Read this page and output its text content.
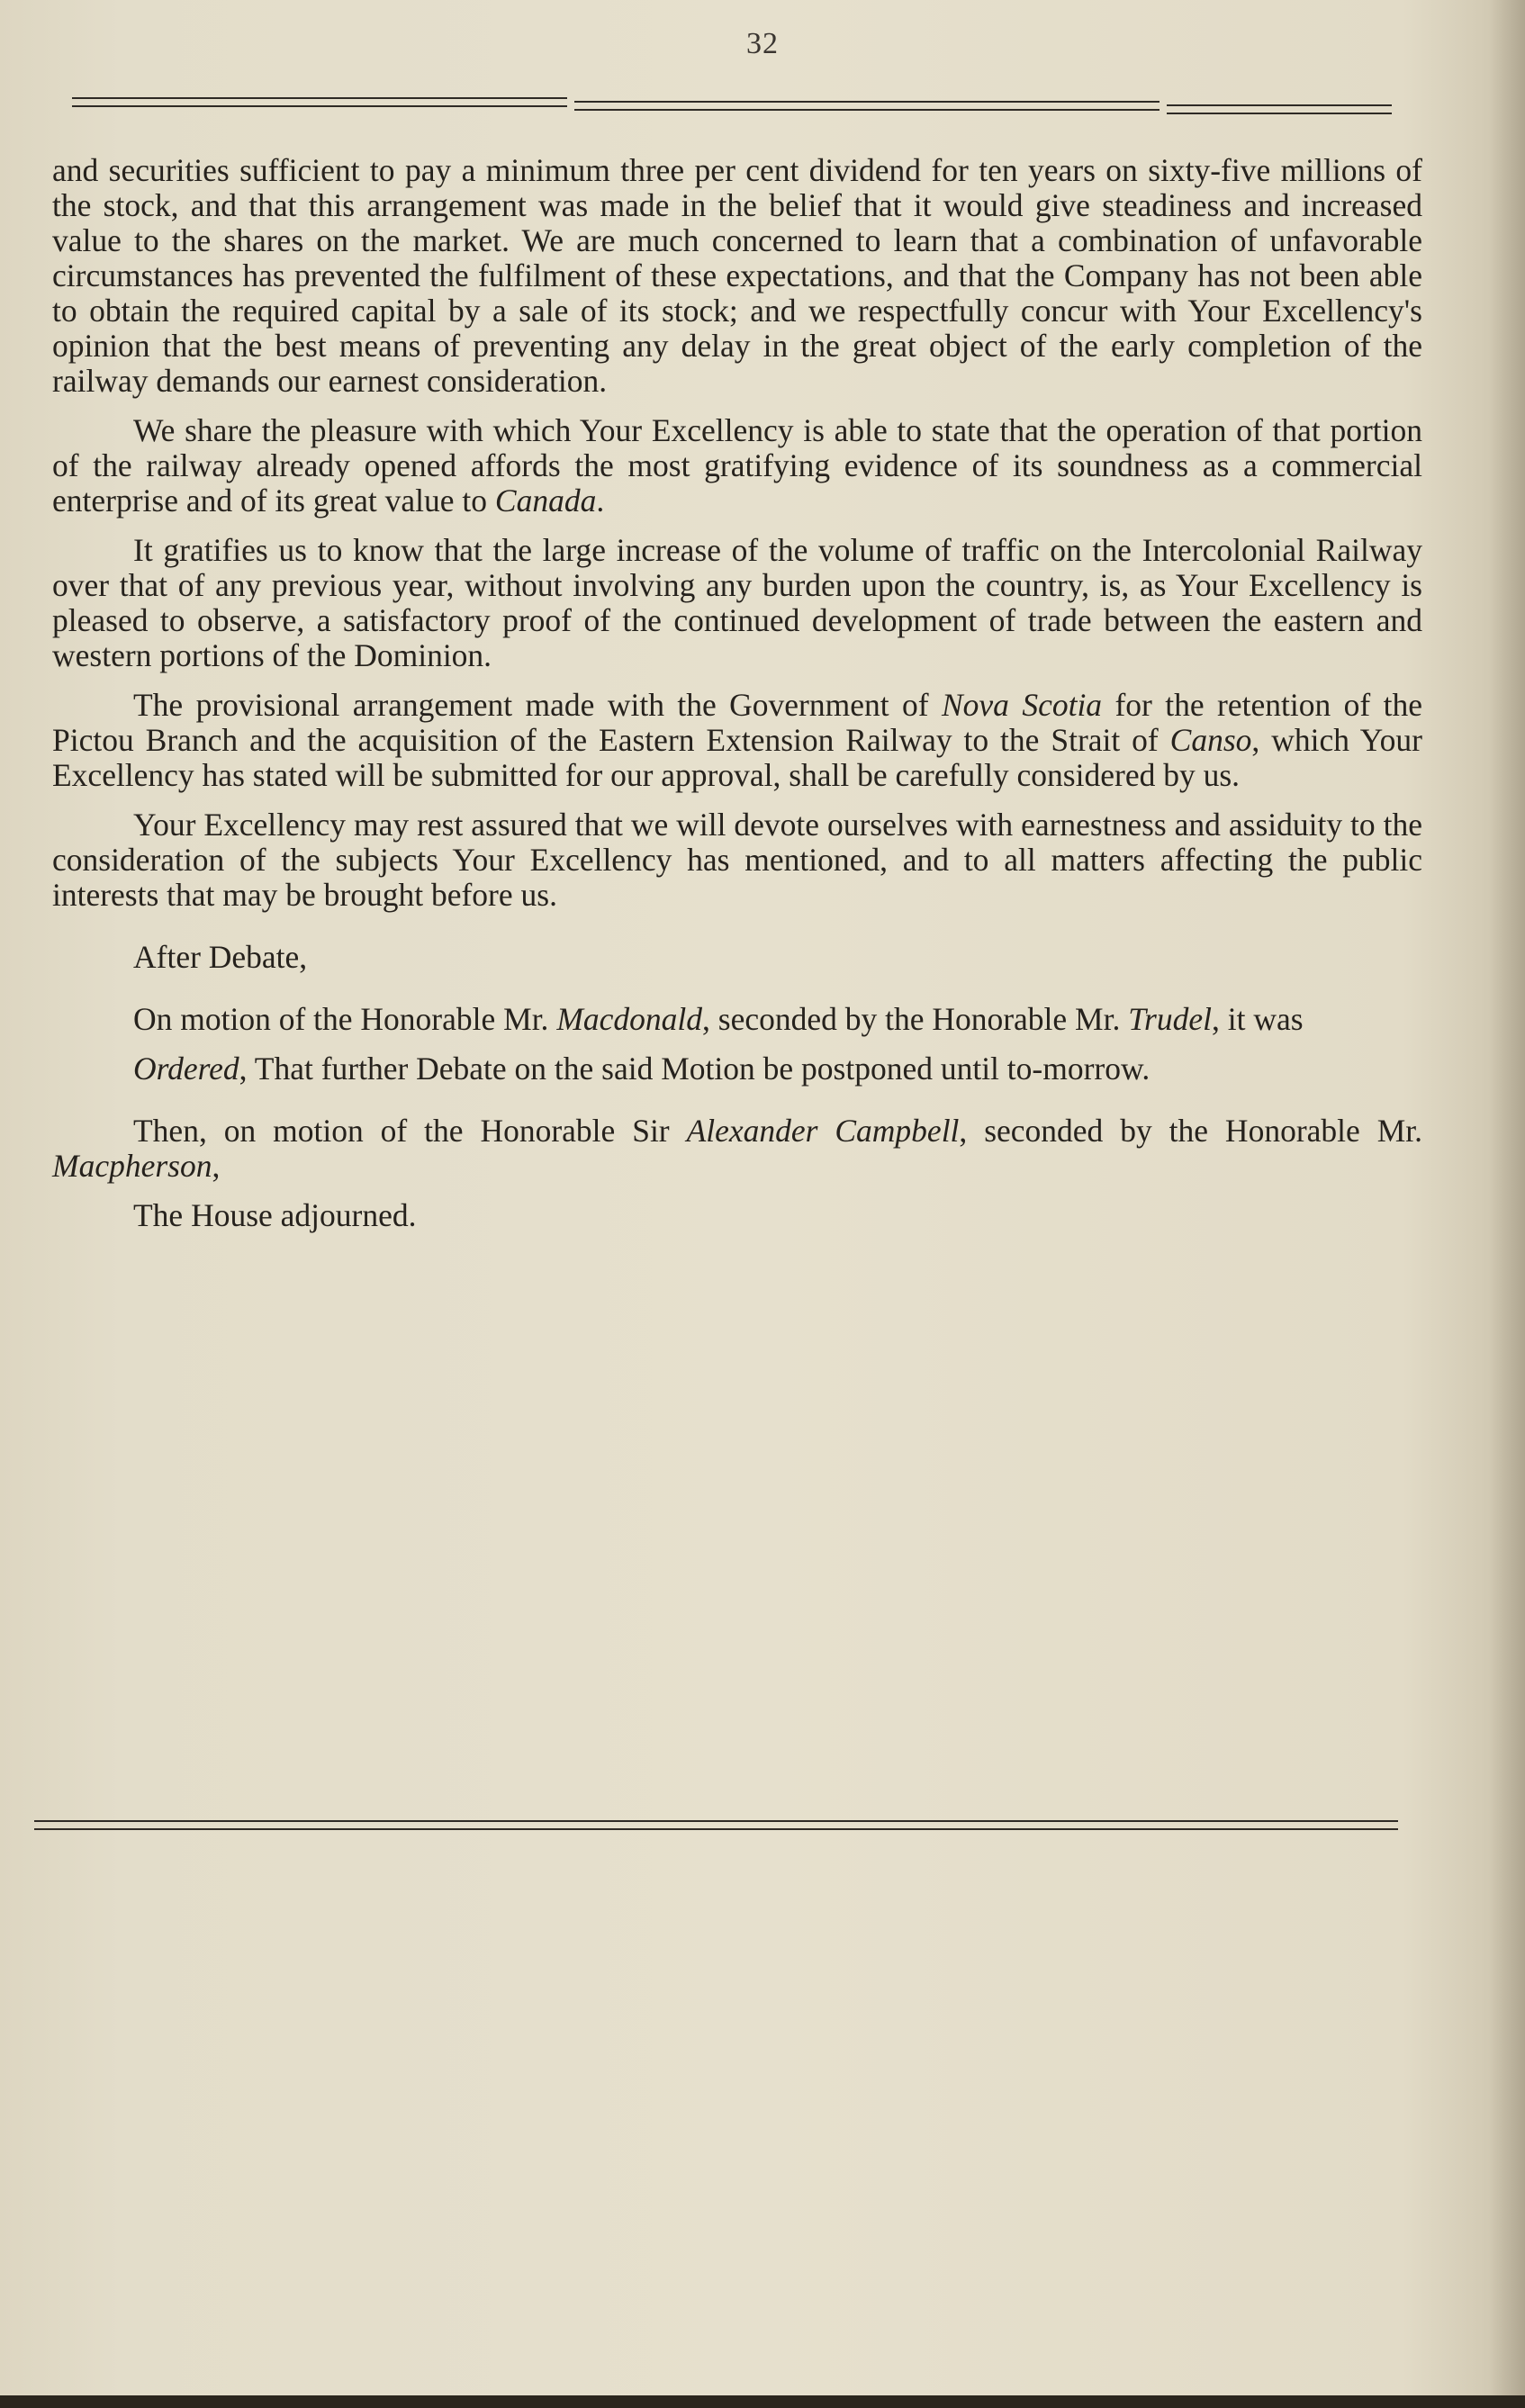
32

and securities sufficient to pay a minimum three per cent dividend for ten years on sixty-five millions of the stock, and that this arrangement was made in the belief that it would give steadiness and increased value to the shares on the market. We are much concerned to learn that a combination of unfavorable circumstances has prevented the fulfilment of these expectations, and that the Company has not been able to obtain the required capital by a sale of its stock; and we respectfully concur with Your Excellency's opinion that the best means of preventing any delay in the great object of the early completion of the railway demands our earnest consideration.

We share the pleasure with which Your Excellency is able to state that the operation of that portion of the railway already opened affords the most gratifying evidence of its soundness as a commercial enterprise and of its great value to Canada.

It gratifies us to know that the large increase of the volume of traffic on the Intercolonial Railway over that of any previous year, without involving any burden upon the country, is, as Your Excellency is pleased to observe, a satisfactory proof of the continued development of trade between the eastern and western portions of the Dominion.

The provisional arrangement made with the Government of Nova Scotia for the retention of the Pictou Branch and the acquisition of the Eastern Extension Railway to the Strait of Canso, which Your Excellency has stated will be submitted for our approval, shall be carefully considered by us.

Your Excellency may rest assured that we will devote ourselves with earnestness and assiduity to the consideration of the subjects Your Excellency has mentioned, and to all matters affecting the public interests that may be brought before us.

After Debate,

On motion of the Honorable Mr. Macdonald, seconded by the Honorable Mr. Trudel, it was

Ordered, That further Debate on the said Motion be postponed until to-morrow.

Then, on motion of the Honorable Sir Alexander Campbell, seconded by the Honorable Mr. Macpherson,

The House adjourned.
